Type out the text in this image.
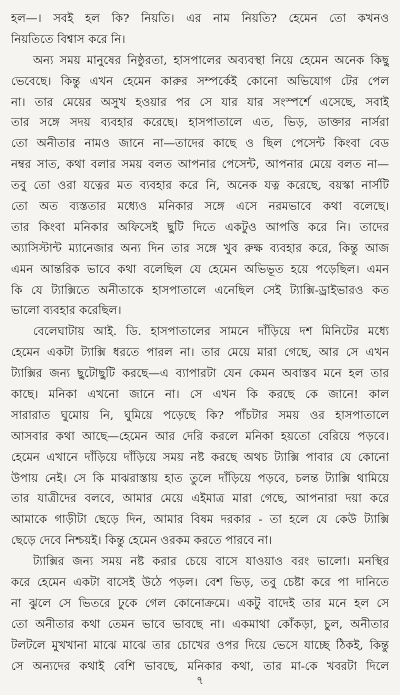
হল—। সবই হল কি? নিয়তি। এর নাম নিয়তি? হেমেন তো কখনও
নিয়তিতে বিশ্বাস করে নি।
অন্য সময় মানুষের নিষ্ঠুরতা, হাসপালের অব্যবস্থা নিয়ে হেমেন অনেক কিছু
ভেবেছে। কিন্তু এখন হেমেন কারুর সম্পর্কেই কোনো অভিযোগ টের পেল
না। তার মেয়ের অসুখ হওয়ার পর সে যার যার সংস্পর্শে এসেছে, সবাই
তার সঙ্গে সদয় ব্যবহার করেছে। হাসপাতালে এত, ভিড়, ডাক্তার নার্সরা
তো অনীতার নামও জানে না—তাদের কাছে ও ছিল পেসেন্ট কিংবা বেড
নম্বর সাত, কথা বলার সময় বলত আপনার পেসেন্ট, আপনার মেয়ে বলত না—
তবু তো ওরা যত্নের মত ব্যবহার করে নি, অনেক যত্ন করেছে, বয়স্কা নার্সটি
তো অত ব্যস্ততার মধ্যেও মনিকার সঙ্গে এসে নরমভাবে কথা বলেছে।
তার কিংবা মনিকার অফিসেই ছুটি দিতে একটুও আপত্তি করে নি। তাদের
অ্যাসিস্টান্ট ম্যানেজার অন্য দিন তার সঙ্গে খুব রুক্ষ ব্যবহার করে, কিন্তু আজ
এমন আন্তরিক ভাবে কথা বলেছিল যে হেমেন অভিভূত হয়ে পড়েছিল। এমন
কি যে ট্যাক্সিতে অনীতাকে হাসপাতালে এনেছিল সেই ট্যাক্সি-ড্রাইভারও কত
ভালো ব্যবহার করেছিল।
বেলেঘাটায় আই. ডি. হাসপাতালের সামনে দাঁড়িয়ে দশ মিনিটের মধ্যে
হেমেন একটা ট্যাক্সি ধরতে পারল না। তার মেয়ে মারা গেছে, আর সে এখন
ট্যাক্সির জন্য ছুটোছুটি করছে—এ ব্যাপারটা যেন কেমন অবাস্তব মনে হল তার
কাছে। মনিকা এখনো জানে না। সে এখন কি করছে কে জানে! কাল
সারারাত ঘুমোয় নি, ঘুমিয়ে পড়েছে কি? পাঁচটার সময় ওর হাসপাতালে
আসবার কথা আছে—হেমেন আর দেরি করলে মনিকা হয়তো বেরিয়ে পড়বে।
হেমেন এখানে দাঁড়িয়ে দাঁড়িয়ে সময় নষ্ট করছে অথচ ট্যাক্সি পাবার যে কোনো
উপায় নেই। সে কি মাঝরাস্তায় হাত তুলে দাঁড়িয়ে পড়বে, চলন্ত ট্যাক্সি থামিয়ে
তার যাত্রীদের বলবে, আমার মেয়ে এইমাত্র মারা গেছে, আপনারা দয়া করে
আমাকে গাড়ীটা ছেড়ে দিন, আমার বিষম দরকার - তা হলে যে কেউ ট্যাক্সি
ছেড়ে দেবে নিশ্চয়ই। কিন্তু হেমেন ওরকম করতে পারবে না।
ট্যাক্সির জন্য সময় নষ্ট করার চেয়ে বাসে যাওয়াও বরং ভালো। মনস্থির
করে হেমেন একটা বাসেই উঠে পড়ল। বেশ ভিড়, তবু চেষ্টা করে পা দানিতে
না ঝুলে সে ভিতরে ঢুকে গেল কোনোক্রমে। একটু বাদেই তার মনে হল সে
তো অনীতার কথা তেমন ভাবে ভাবছে না। একমাথা কোঁকড়া, চুল, অনীতার
টলটলে মুখখানা মাঝে মাঝে তার চোখের ওপর দিয়ে ভেসে যাচ্ছে ঠিকই, কিন্তু
সে অন্যদের কথাই বেশি ভাবছে, মনিকার কথা, তার মা-কে খবরটা দিলে
৭
